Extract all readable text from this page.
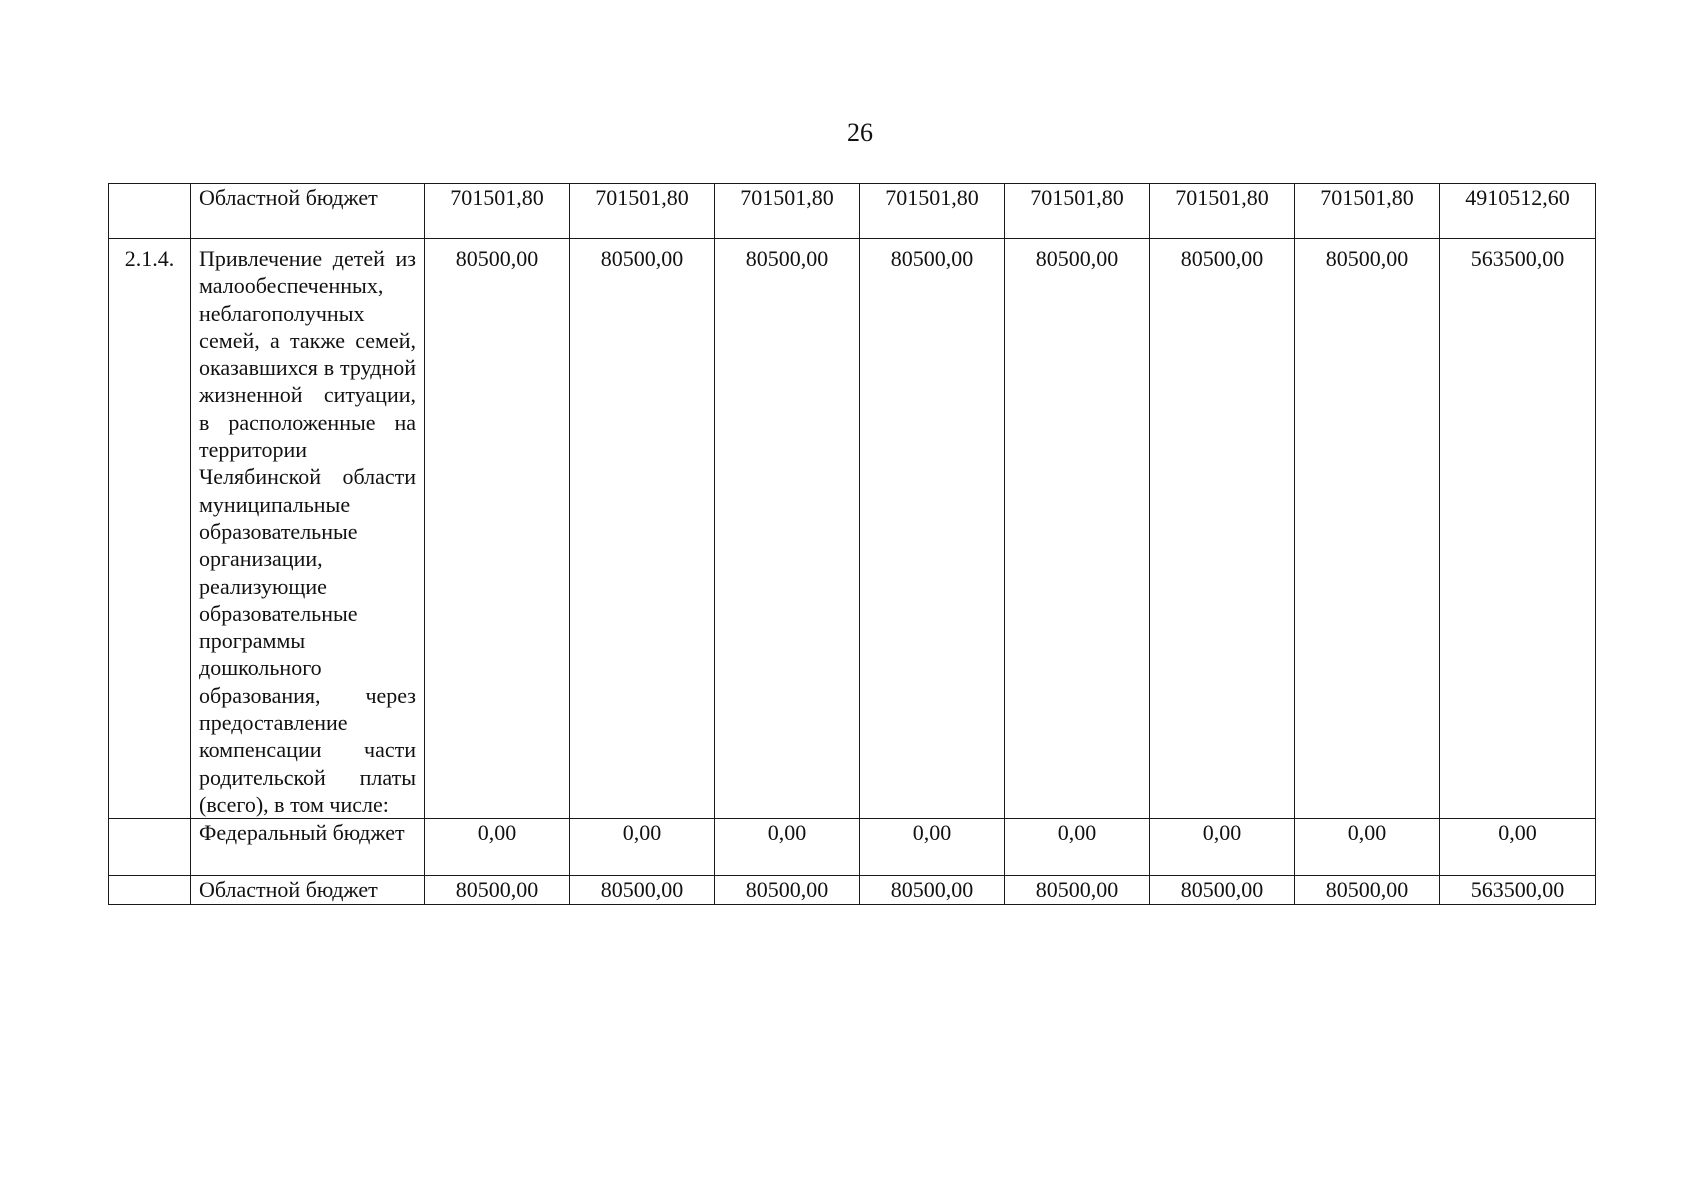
26
	Областной бюджет	701501,80	701501,80	701501,80	701501,80	701501,80	701501,80	701501,80	4910512,60
2.1.4.	Привлечение детей из малообеспеченных, неблагополучных семей, а также семей, оказавшихся в трудной жизненной ситуации, в расположенные на территории Челябинской области муниципальные образовательные организации, реализующие образовательные программы дошкольного образования, через предоставление компенсации части родительской платы (всего), в том числе:	80500,00	80500,00	80500,00	80500,00	80500,00	80500,00	80500,00	563500,00
	Федеральный бюджет	0,00	0,00	0,00	0,00	0,00	0,00	0,00	0,00
	Областной бюджет	80500,00	80500,00	80500,00	80500,00	80500,00	80500,00	80500,00	563500,00
